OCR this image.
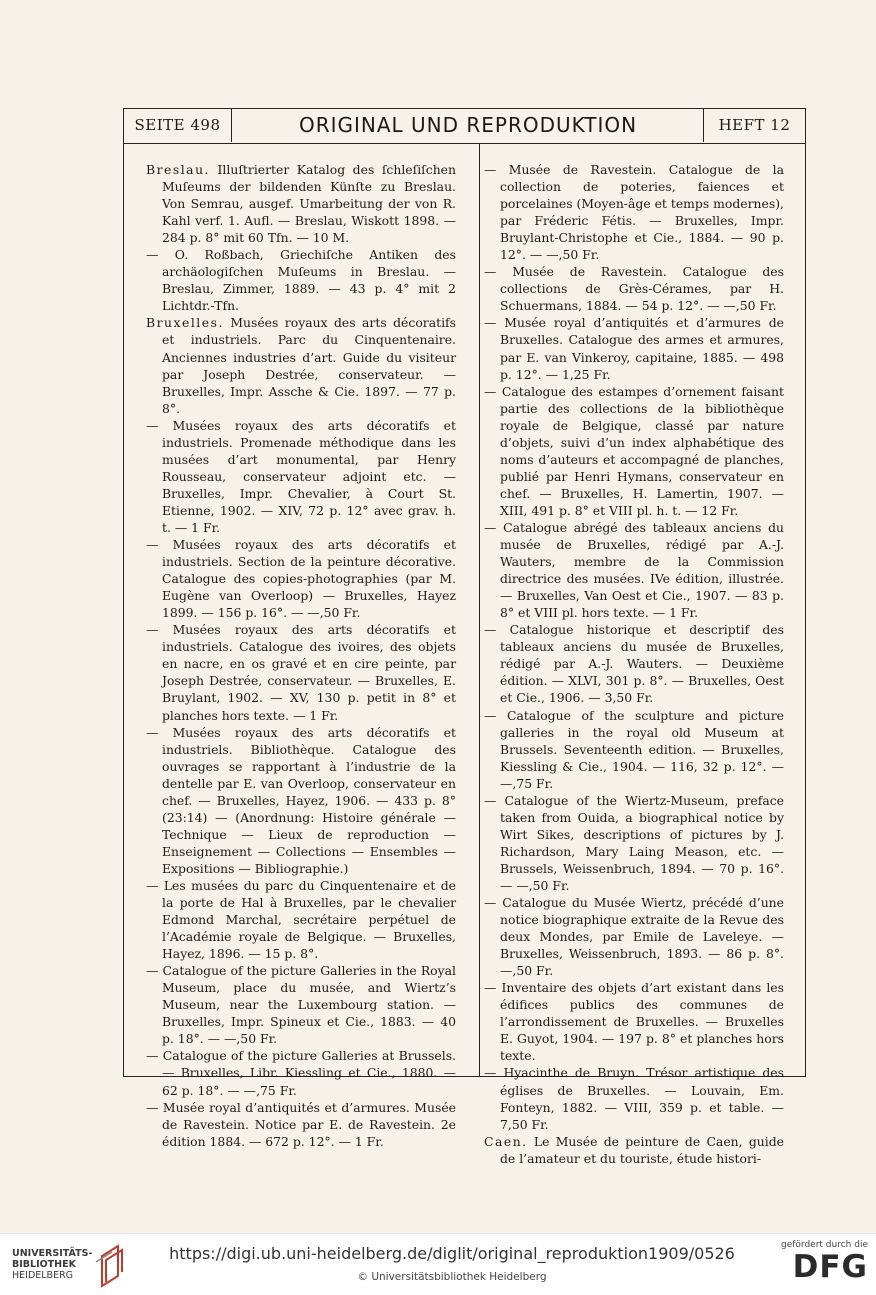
SEITE 498	ORIGINAL UND REPRODUKTION	HEFT 12

Breslau. Illuſtrierter Katalog des ſchleſiſchen Muſeums der bildenden Künſte zu Breslau. Von Semrau, ausgef. Umarbeitung der von R. Kahl verf. 1. Aufl. — Breslau, Wiskott 1898. — 284 p. 8° mit 60 Tfn. — 10 M.

— O. Roßbach, Griechiſche Antiken des archäologiſchen Muſeums in Breslau. — Breslau, Zimmer, 1889. — 43 p. 4° mit 2 Lichtdr.-Tfn.

Bruxelles. Musées royaux des arts décoratifs et industriels. Parc du Cinquentenaire. Anciennes industries d’art. Guide du visiteur par Joseph Destrée, conservateur. — Bruxelles, Impr. Assche & Cie. 1897. — 77 p. 8°.

— Musées royaux des arts décoratifs et industriels. Promenade méthodique dans les musées d’art monumental, par Henry Rousseau, conservateur adjoint etc. — Bruxelles, Impr. Chevalier, à Court St. Etienne, 1902. — XIV, 72 p. 12° avec grav. h. t. — 1 Fr.

— Musées royaux des arts décoratifs et industriels. Section de la peinture décorative. Catalogue des copies-photographies (par M. Eugène van Overloop) — Bruxelles, Hayez 1899. — 156 p. 16°. — —,50 Fr.

— Musées royaux des arts décoratifs et industriels. Catalogue des ivoires, des objets en nacre, en os gravé et en cire peinte, par Joseph Destrée, conservateur. — Bruxelles, E. Bruylant, 1902. — XV, 130 p. petit in 8° et planches hors texte. — 1 Fr.

— Musées royaux des arts décoratifs et industriels. Bibliothèque. Catalogue des ouvrages se rapportant à l’industrie de la dentelle par E. van Overloop, conservateur en chef. — Bruxelles, Hayez, 1906. — 433 p. 8° (23:14) — (Anordnung: Histoire générale — Technique — Lieux de reproduction — Enseignement — Collections — Ensembles — Expositions — Bibliographie.)

— Les musées du parc du Cinquentenaire et de la porte de Hal à Bruxelles, par le chevalier Edmond Marchal, secrétaire perpétuel de l’Académie royale de Belgique. — Bruxelles, Hayez, 1896. — 15 p. 8°.

— Catalogue of the picture Galleries in the Royal Museum, place du musée, and Wiertz’s Museum, near the Luxembourg station. — Bruxelles, Impr. Spineux et Cie., 1883. — 40 p. 18°. — —,50 Fr.

— Catalogue of the picture Galleries at Brussels. — Bruxelles, Libr. Kiessling et Cie., 1880. — 62 p. 18°. — —,75 Fr.

— Musée royal d’antiquités et d’armures. Musée de Ravestein. Notice par E. de Ravestein. 2e édition 1884. — 672 p. 12°. — 1 Fr.

— Musée de Ravestein. Catalogue de la collection de poteries, faiences et porcelaines (Moyen-âge et temps modernes), par Fréderic Fétis. — Bruxelles, Impr. Bruylant-Christophe et Cie., 1884. — 90 p. 12°. — —,50 Fr.

— Musée de Ravestein. Catalogue des collections de Grès-Cérames, par H. Schuermans, 1884. — 54 p. 12°. — —,50 Fr.

— Musée royal d’antiquités et d’armures de Bruxelles. Catalogue des armes et armures, par E. van Vinkeroy, capitaine, 1885. — 498 p. 12°. — 1,25 Fr.

— Catalogue des estampes d’ornement faisant partie des collections de la bibliothèque royale de Belgique, classé par nature d’objets, suivi d’un index alphabétique des noms d’auteurs et accompagné de planches, publié par Henri Hymans, conservateur en chef. — Bruxelles, H. Lamertin, 1907. — XIII, 491 p. 8° et VIII pl. h. t. — 12 Fr.

— Catalogue abrégé des tableaux anciens du musée de Bruxelles, rédigé par A.-J. Wauters, membre de la Commission directrice des musées. IVe édition, illustrée. — Bruxelles, Van Oest et Cie., 1907. — 83 p. 8° et VIII pl. hors texte. — 1 Fr.

— Catalogue historique et descriptif des tableaux anciens du musée de Bruxelles, rédigé par A.-J. Wauters. — Deuxième édition. — XLVI, 301 p. 8°. — Bruxelles, Oest et Cie., 1906. — 3,50 Fr.

— Catalogue of the sculpture and picture galleries in the royal old Museum at Brussels. Seventeenth edition. — Bruxelles, Kiessling & Cie., 1904. — 116, 32 p. 12°. — —,75 Fr.

— Catalogue of the Wiertz-Museum, preface taken from Ouida, a biographical notice by Wirt Sikes, descriptions of pictures by J. Richardson, Mary Laing Meason, etc. — Brussels, Weissenbruch, 1894. — 70 p. 16°. — —,50 Fr.

— Catalogue du Musée Wiertz, précédé d’une notice biographique extraite de la Revue des deux Mondes, par Emile de Laveleye. — Bruxelles, Weissenbruch, 1893. — 86 p. 8°. —,50 Fr.

— Inventaire des objets d’art existant dans les édifices publics des communes de l’arrondissement de Bruxelles. — Bruxelles E. Guyot, 1904. — 197 p. 8° et planches hors texte.

— Hyacinthe de Bruyn. Trésor artistique des églises de Bruxelles. — Louvain, Em. Fonteyn, 1882. — VIII, 359 p. et table. — 7,50 Fr.

Caen. Le Musée de peinture de Caen, guide de l’amateur et du touriste, étude histori-

UNIVERSITÄTS-
BIBLIOTHEK
HEIDELBERG
https://digi.ub.uni-heidelberg.de/diglit/original_reproduktion1909/0526
© Universitätsbibliothek Heidelberg
gefördert durch die
DFG
